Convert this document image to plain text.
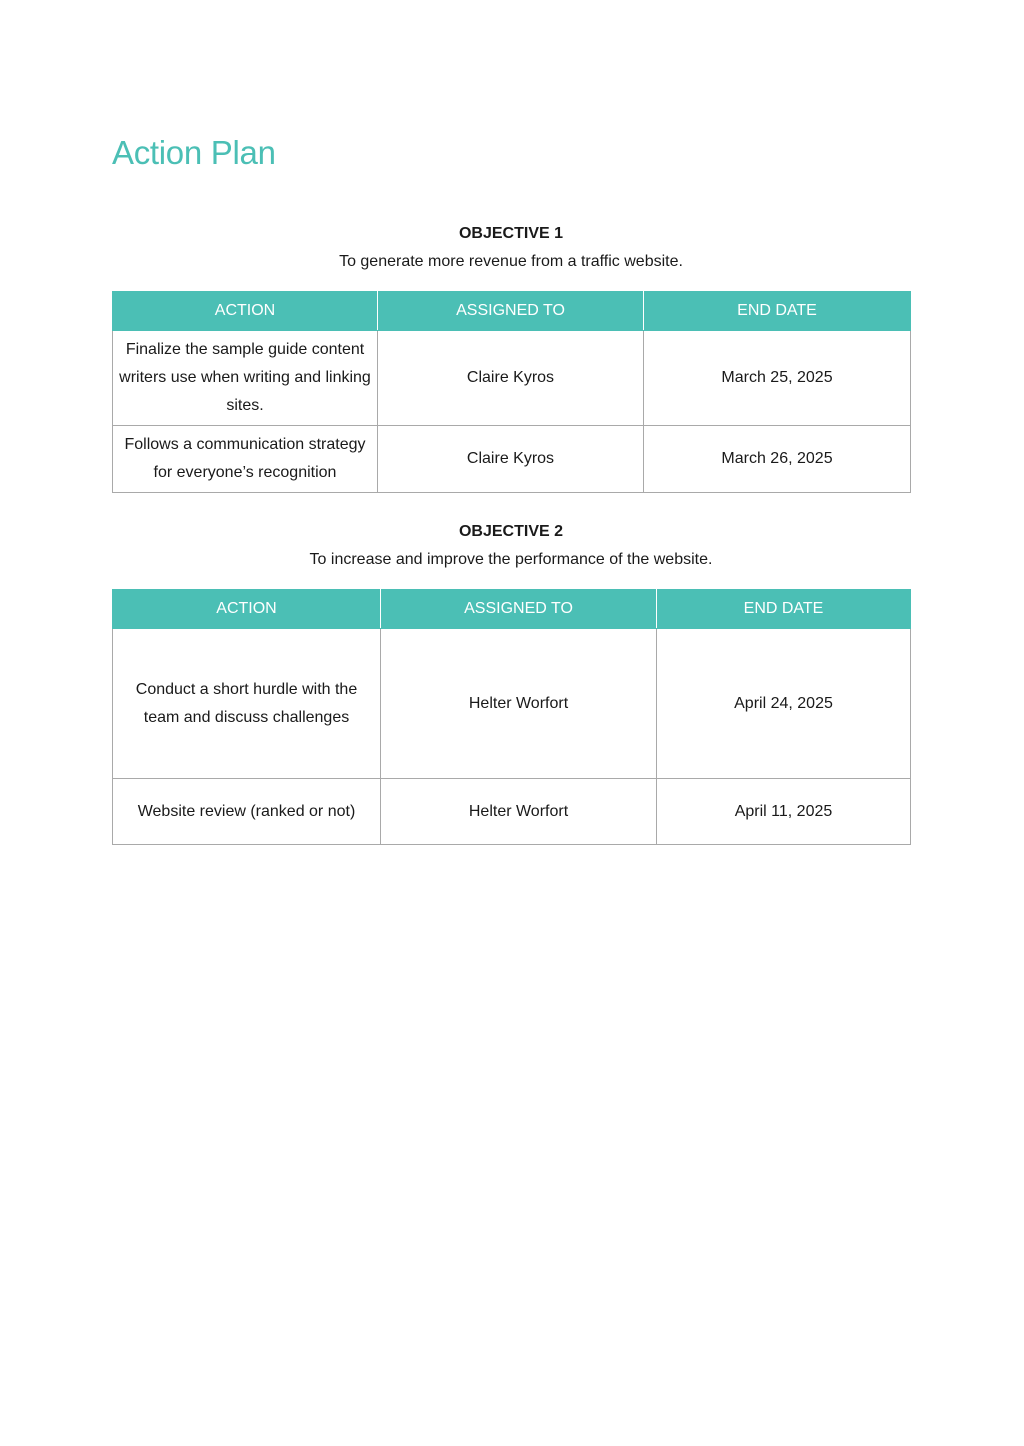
Action Plan

OBJECTIVE 1

To generate more revenue from a traffic website.

ACTION	ASSIGNED TO	END DATE
Finalize the sample guide content writers use when writing and linking sites.	Claire Kyros	March 25, 2025
Follows a communication strategy for everyone’s recognition	Claire Kyros	March 26, 2025

OBJECTIVE 2

To increase and improve the performance of the website.

ACTION	ASSIGNED TO	END DATE
Conduct a short hurdle with the team and discuss challenges	Helter Worfort	April 24, 2025
Website review (ranked or not)	Helter Worfort	April 11, 2025
